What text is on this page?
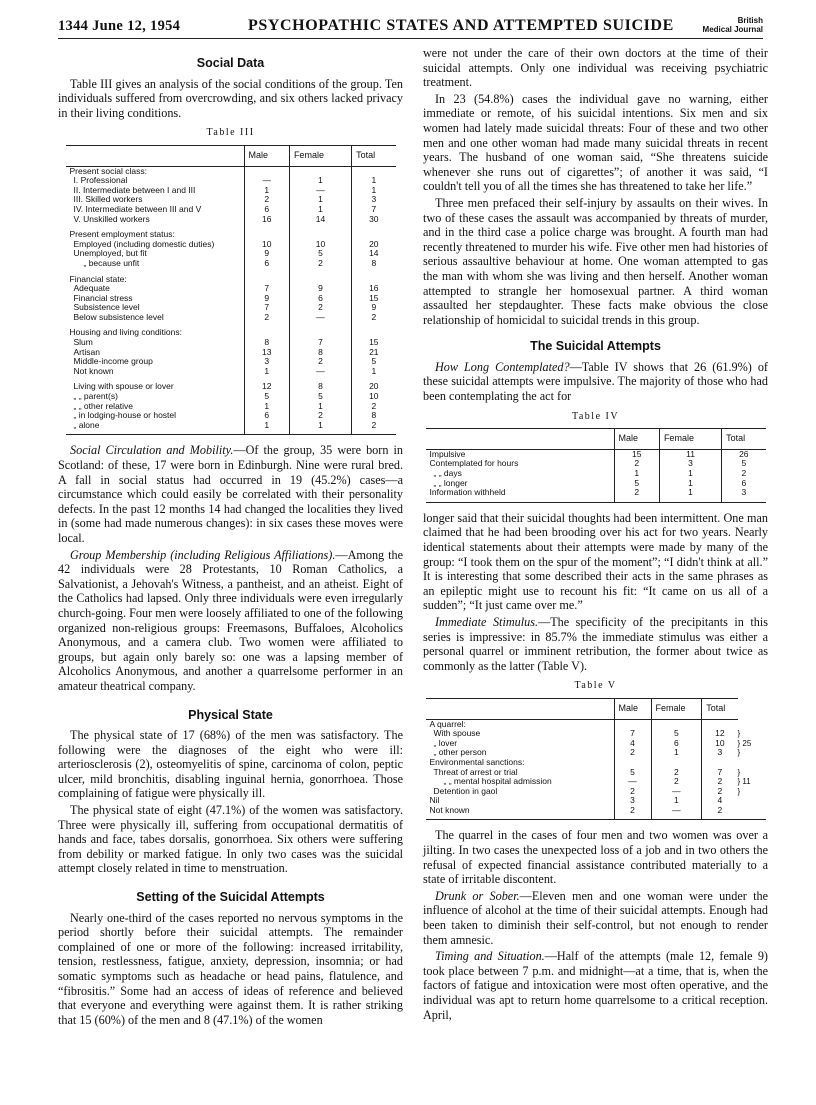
1344 June 12, 1954	PSYCHOPATHIC STATES AND ATTEMPTED SUICIDE	British
Medical Journal
Social Data

Table III gives an analysis of the social conditions of the group. Ten individuals suffered from overcrowding, and six others lacked privacy in their living conditions.

Table III
	Male	Female	Total
Present social class:			
I. Professional	—	1	1
II. Intermediate between I and III	1	—	1
III. Skilled workers	2	1	3
IV. Intermediate between III and V	6	1	7
V. Unskilled workers	16	14	30

Present employment status:			
Employed (including domestic duties)	10	10	20
Unemployed, but fit	9	5	14
„ because unfit	6	2	8

Financial state:			
Adequate	7	9	16
Financial stress	9	6	15
Subsistence level	7	2	9
Below subsistence level	2	—	2

Housing and living conditions:			
Slum	8	7	15
Artisan	13	8	21
Middle-income group	3	2	5
Not known	1	—	1

Living with spouse or lover	12	8	20
„ „ parent(s)	5	5	10
„ „ other relative	1	1	2
„ in lodging-house or hostel	6	2	8
„ alone	1	1	2

Social Circulation and Mobility.—Of the group, 35 were born in Scotland: of these, 17 were born in Edinburgh. Nine were rural bred. A fall in social status had occurred in 19 (45.2%) cases—a circumstance which could easily be correlated with their personality defects. In the past 12 months 14 had changed the localities they lived in (some had made numerous changes): in six cases these moves were local.

Group Membership (including Religious Affiliations).—Among the 42 individuals were 28 Protestants, 10 Roman Catholics, a Salvationist, a Jehovah's Witness, a pantheist, and an atheist. Eight of the Catholics had lapsed. Only three individuals were even irregularly church-going. Four men were loosely affiliated to one of the following organized non-religious groups: Freemasons, Buffaloes, Alcoholics Anonymous, and a camera club. Two women were affiliated to groups, but again only barely so: one was a lapsing member of Alcoholics Anonymous, and another a quarrelsome performer in an amateur theatrical company.

Physical State

The physical state of 17 (68%) of the men was satisfactory. The following were the diagnoses of the eight who were ill: arteriosclerosis (2), osteomyelitis of spine, carcinoma of colon, peptic ulcer, mild bronchitis, disabling inguinal hernia, gonorrhoea. Those complaining of fatigue were physically ill.

The physical state of eight (47.1%) of the women was satisfactory. Three were physically ill, suffering from occupational dermatitis of hands and face, tabes dorsalis, gonorrhoea. Six others were suffering from debility or marked fatigue. In only two cases was the suicidal attempt closely related in time to menstruation.

Setting of the Suicidal Attempts

Nearly one-third of the cases reported no nervous symptoms in the period shortly before their suicidal attempts. The remainder complained of one or more of the following: increased irritability, tension, restlessness, fatigue, anxiety, depression, insomnia; or had somatic symptoms such as headache or head pains, flatulence, and “fibrositis.” Some had an access of ideas of reference and believed that everyone and everything were against them. It is rather striking that 15 (60%) of the men and 8 (47.1%) of the women

were not under the care of their own doctors at the time of their suicidal attempts. Only one individual was receiving psychiatric treatment.

In 23 (54.8%) cases the individual gave no warning, either immediate or remote, of his suicidal intentions. Six men and six women had lately made suicidal threats: Four of these and two other men and one other woman had made many suicidal threats in recent years. The husband of one woman said, “She threatens suicide whenever she runs out of cigarettes”; of another it was said, “I couldn't tell you of all the times she has threatened to take her life.”

Three men prefaced their self-injury by assaults on their wives. In two of these cases the assault was accompanied by threats of murder, and in the third case a police charge was brought. A fourth man had recently threatened to murder his wife. Five other men had histories of serious assaultive behaviour at home. One woman attempted to gas the man with whom she was living and then herself. Another woman attempted to strangle her homosexual partner. A third woman assaulted her stepdaughter. These facts make obvious the close relationship of homicidal to suicidal trends in this group.

The Suicidal Attempts

How Long Contemplated?—Table IV shows that 26 (61.9%) of these suicidal attempts were impulsive. The majority of those who had been contemplating the act for

Table IV
	Male	Female	Total
Impulsive	15	11	26
Contemplated for hours	2	3	5
„ „ days	1	1	2
„ „ longer	5	1	6
Information withheld	2	1	3

longer said that their suicidal thoughts had been intermittent. One man claimed that he had been brooding over his act for two years. Nearly identical statements about their attempts were made by many of the group: “I took them on the spur of the moment”; “I didn't think at all.” It is interesting that some described their acts in the same phrases as an epileptic might use to recount his fit: “It came on us all of a sudden”; “It just came over me.”

Immediate Stimulus.—The specificity of the precipitants in this series is impressive: in 85.7% the immediate stimulus was either a personal quarrel or imminent retribution, the former about twice as commonly as the latter (Table V).

Table V
	Male	Female	Total	
A quarrel:				
With spouse	7	5	12	}
„ lover	4	6	10	} 25
„ other person	2	1	3	}
Environmental sanctions:				
Threat of arrest or trial	5	2	7	}
„ „ mental hospital admission	—	2	2	} 11
Detention in gaol	2	—	2	}
Nil	3	1	4	
Not known	2	—	2	

The quarrel in the cases of four men and two women was over a jilting. In two cases the unexpected loss of a job and in two others the refusal of expected financial assistance contributed materially to a state of irritable discontent.

Drunk or Sober.—Eleven men and one woman were under the influence of alcohol at the time of their suicidal attempts. Enough had been taken to diminish their self-control, but not enough to render them amnesic.

Timing and Situation.—Half of the attempts (male 12, female 9) took place between 7 p.m. and midnight—at a time, that is, when the factors of fatigue and intoxication were most often operative, and the individual was apt to return home quarrelsome to a critical reception. April,
